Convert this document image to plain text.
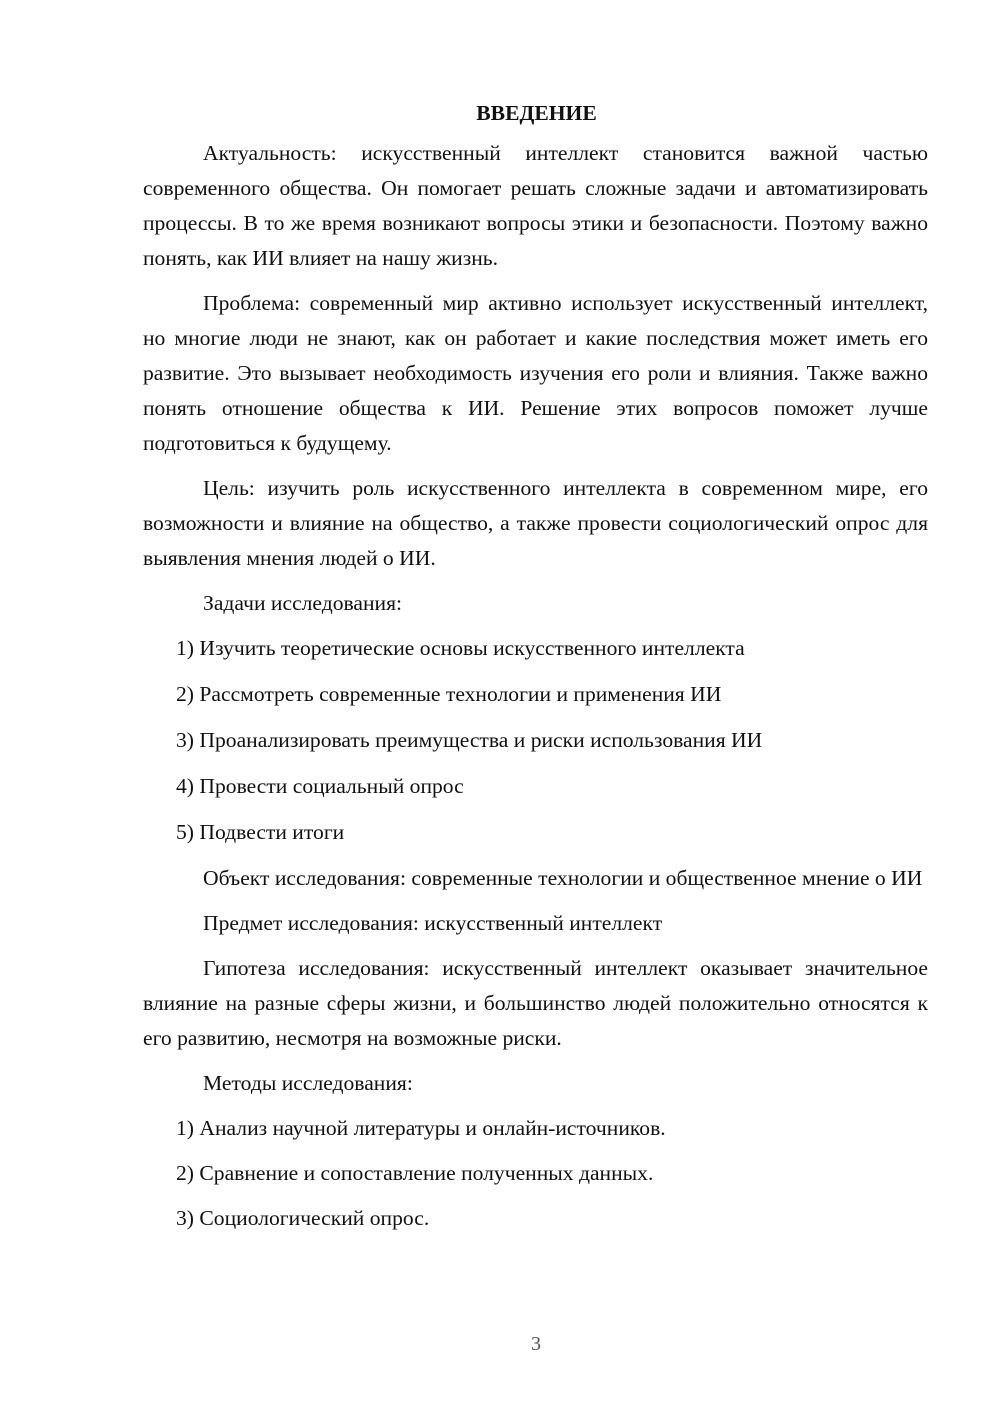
ВВЕДЕНИЕ

Актуальность: искусственный интеллект становится важной частью современного общества. Он помогает решать сложные задачи и автоматизировать процессы. В то же время возникают вопросы этики и безопасности. Поэтому важно понять, как ИИ влияет на нашу жизнь.

Проблема: современный мир активно использует искусственный интеллект, но многие люди не знают, как он работает и какие последствия может иметь его развитие. Это вызывает необходимость изучения его роли и влияния. Также важно понять отношение общества к ИИ. Решение этих вопросов поможет лучше подготовиться к будущему.

Цель: изучить роль искусственного интеллекта в современном мире, его возможности и влияние на общество, а также провести социологический опрос для выявления мнения людей о ИИ.

Задачи исследования:

1) Изучить теоретические основы искусственного интеллекта
2) Рассмотреть современные технологии и применения ИИ
3) Проанализировать преимущества и риски использования ИИ
4) Провести социальный опрос
5) Подвести итоги

Объект исследования: современные технологии и общественное мнение о ИИ

Предмет исследования: искусственный интеллект

Гипотеза исследования: искусственный интеллект оказывает значительное влияние на разные сферы жизни, и большинство людей положительно относятся к его развитию, несмотря на возможные риски.

Методы исследования:

1) Анализ научной литературы и онлайн-источников.
2) Сравнение и сопоставление полученных данных.
3) Социологический опрос.
3
